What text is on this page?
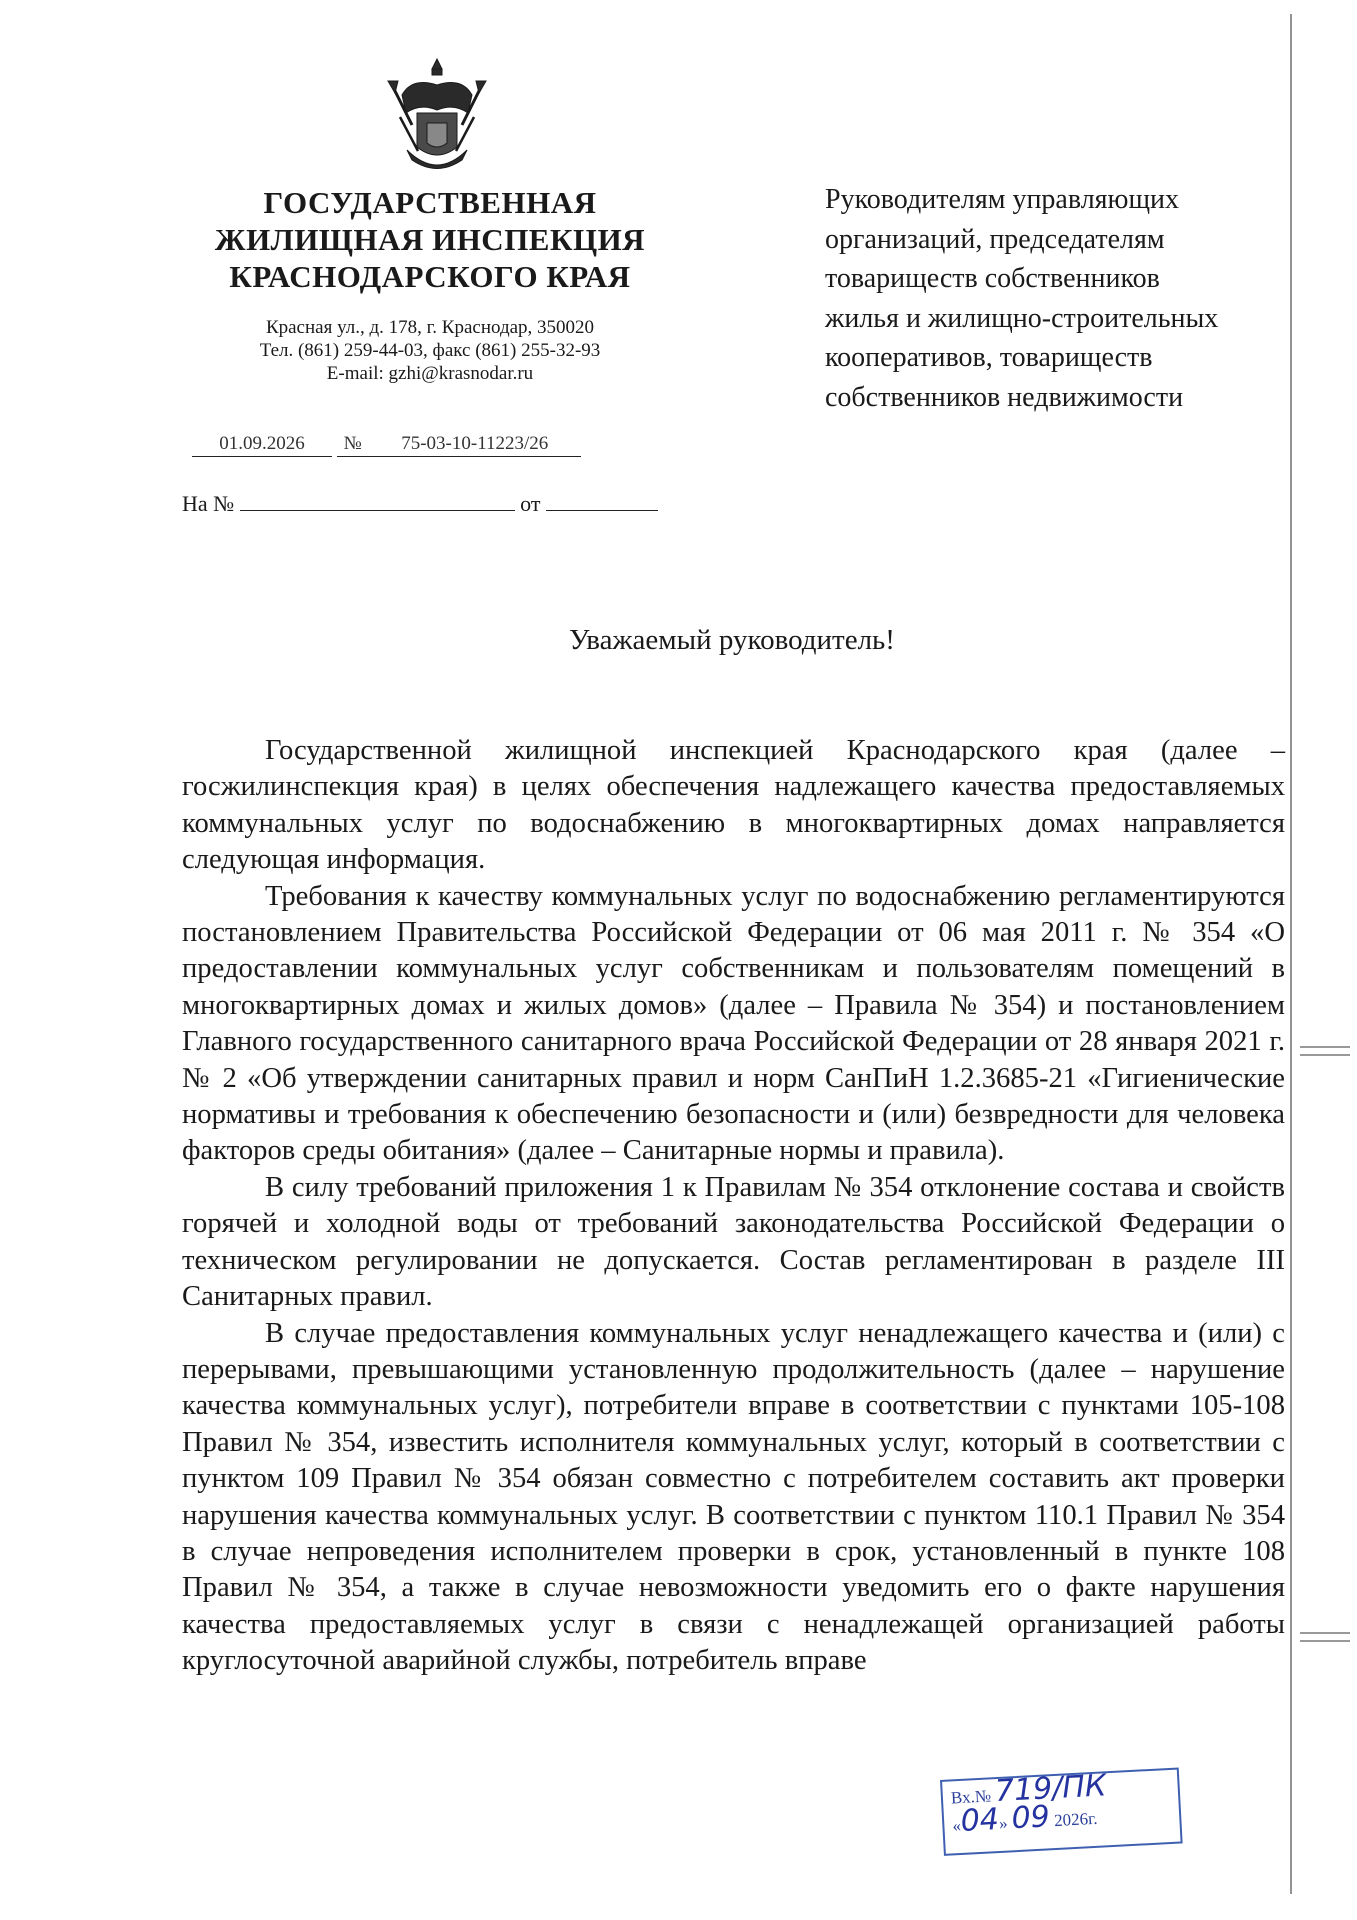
ГОСУДАРСТВЕННАЯ
ЖИЛИЩНАЯ ИНСПЕКЦИЯ
КРАСНОДАРСКОГО КРАЯ
Красная ул., д. 178, г. Краснодар, 350020
Тел. (861) 259-44-03, факс (861) 255-32-93
E-mail: gzhi@krasnodar.ru
Руководителям управляющих
организаций, председателям
товариществ собственников
жилья и жилищно-строительных
кооперативов, товариществ
собственников недвижимости
01.09.2026 № 75-03-10-11223/26
На №	от
Уважаемый руководитель!

Государственной жилищной инспекцией Краснодарского края (далее – госжилинспекция края) в целях обеспечения надлежащего качества предоставляемых коммунальных услуг по водоснабжению в многоквартирных домах направляется следующая информация.

Требования к качеству коммунальных услуг по водоснабжению регламентируются постановлением Правительства Российской Федерации от 06 мая 2011 г. № 354 «О предоставлении коммунальных услуг собственникам и пользователям помещений в многоквартирных домах и жилых домов» (далее – Правила № 354) и постановлением Главного государственного санитарного врача Российской Федерации от 28 января 2021 г. № 2 «Об утверждении санитарных правил и норм СанПиН 1.2.3685-21 «Гигиенические нормативы и требования к обеспечению безопасности и (или) безвредности для человека факторов среды обитания» (далее – Санитарные нормы и правила).

В силу требований приложения 1 к Правилам № 354 отклонение состава и свойств горячей и холодной воды от требований законодательства Российской Федерации о техническом регулировании не допускается. Состав регламентирован в разделе III Санитарных правил.

В случае предоставления коммунальных услуг ненадлежащего качества и (или) с перерывами, превышающими установленную продолжительность (далее – нарушение качества коммунальных услуг), потребители вправе в соответствии с пунктами 105-108 Правил № 354, известить исполнителя коммунальных услуг, который в соответствии с пунктом 109 Правил № 354 обязан совместно с потребителем составить акт проверки нарушения качества коммунальных услуг. В соответствии с пунктом 110.1 Правил № 354 в случае непроведения исполнителем проверки в срок, установленный в пункте 108 Правил № 354, а также в случае невозможности уведомить его о факте нарушения качества предоставляемых услуг в связи с ненадлежащей организацией работы круглосуточной аварийной службы, потребитель вправе

Вх.№ 719/ПК
«04» 09 2026г.
